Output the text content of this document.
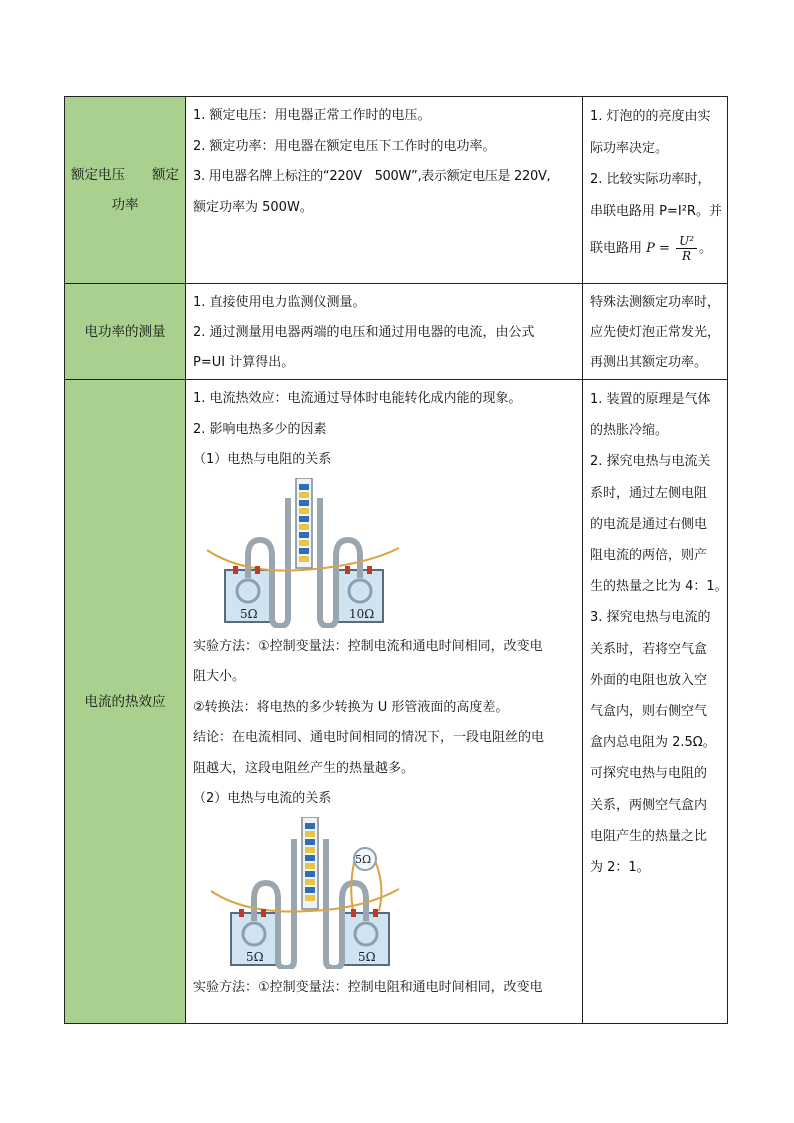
额定电压　　额定功率
1. 额定电压：用电器正常工作时的电压。
2. 额定功率：用电器在额定电压下工作时的电功率。
3. 用电器名牌上标注的“220V　500W”,表示额定电压是 220V,
额定功率为 500W。
1. 灯泡的的亮度由实
际功率决定。
2. 比较实际功率时，
串联电路用 P=I²R。并
联电路用 $P = \frac{\text{U²}}{R}$ 。
电功率的测量
1. 直接使用电力监测仪测量。
2. 通过测量用电器两端的电压和通过用电器的电流，由公式
P=UI 计算得出。
特殊法测额定功率时，
应先使灯泡正常发光，
再测出其额定功率。
电流的热效应
1. 电流热效应：电流通过导体时电能转化成内能的现象。
2. 影响电热多少的因素
（1）电热与电阻的关系
5Ω	10Ω
实验方法：①控制变量法：控制电流和通电时间相同，改变电
阻大小。
②转换法：将电热的多少转换为 U 形管液面的高度差。
结论：在电流相同、通电时间相同的情况下，一段电阻丝的电
阻越大，这段电阻丝产生的热量越多。
（2）电热与电流的关系
5Ω
5Ω	5Ω
实验方法：①控制变量法：控制电阻和通电时间相同，改变电
1. 装置的原理是气体
的热胀冷缩。
2. 探究电热与电流关
系时，通过左侧电阻
的电流是通过右侧电
阻电流的两倍，则产
生的热量之比为 4：1。
3. 探究电热与电流的
关系时，若将空气盒
外面的电阻也放入空
气盒内，则右侧空气
盒内总电阻为 2.5Ω。
可探究电热与电阻的
关系，两侧空气盒内
电阻产生的热量之比
为 2：1。
